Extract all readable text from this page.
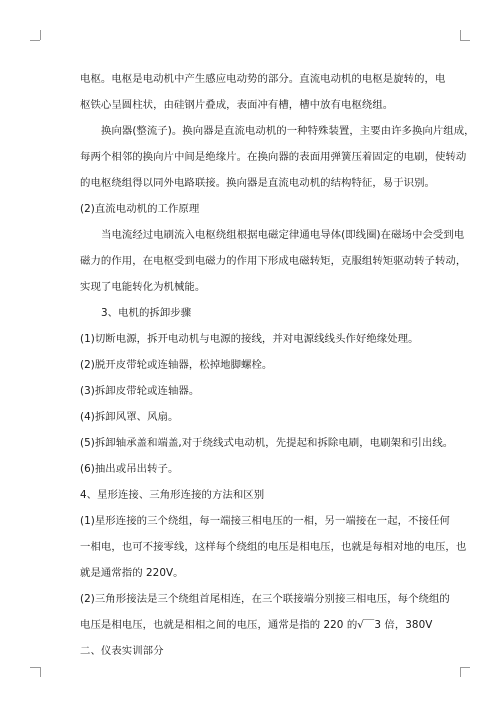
电枢。电枢是电动机中产生感应电动势的部分。直流电动机的电枢是旋转的，电
枢铁心呈圆柱状，由硅钢片叠成，表面冲有槽，槽中放有电枢绕组。
换向器(整流子)。换向器是直流电动机的一种特殊装置，主要由许多换向片组成，
每两个相邻的换向片中间是绝缘片。在换向器的表面用弹簧压着固定的电刷，使转动
的电枢绕组得以同外电路联接。换向器是直流电动机的结构特征，易于识别。
(2)直流电动机的工作原理
当电流经过电刷流入电枢绕组根据电磁定律通电导体(即线圈)在磁场中会受到电
磁力的作用，在电枢受到电磁力的作用下形成电磁转矩，克服组转矩驱动转子转动，
实现了电能转化为机械能。
3、电机的拆卸步骤
(1)切断电源，拆开电动机与电源的接线，并对电源线线头作好绝缘处理。
(2)脱开皮带轮或连轴器，松掉地脚螺栓。
(3)拆卸皮带轮或连轴器。
(4)拆卸风罩、风扇。
(5)拆卸轴承盖和端盖,对于绕线式电动机，先提起和拆除电刷，电刷架和引出线。
(6)抽出或吊出转子。
4、星形连接、三角形连接的方法和区别
(1)星形连接的三个绕组，每一端接三相电压的一相，另一端接在一起，不接任何
一相电，也可不接零线，这样每个绕组的电压是相电压，也就是每相对地的电压，也
就是通常指的 220V。
(2)三角形接法是三个绕组首尾相连，在三个联接端分别接三相电压，每个绕组的
电压是相电压，也就是相相之间的电压，通常是指的 220 的√￣3 倍，380V
二、仪表实训部分
